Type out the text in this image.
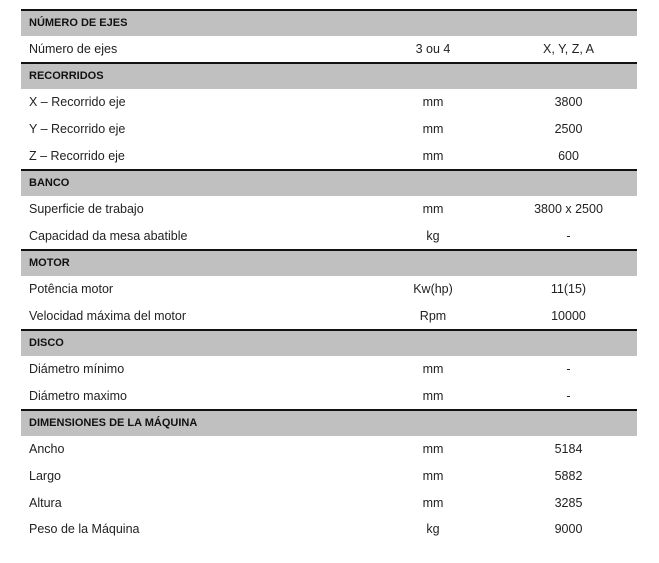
NÚMERO DE EJES
Número de ejes	3 ou 4	X, Y, Z, A
RECORRIDOS
X – Recorrido eje	mm	3800
Y – Recorrido eje	mm	2500
Z – Recorrido eje	mm	600
BANCO
Superficie de trabajo	mm	3800 x 2500
Capacidad da mesa abatible	kg	-
MOTOR
Potência motor	Kw(hp)	11(15)
Velocidad máxima del motor	Rpm	10000
DISCO
Diámetro mínimo	mm	-
Diámetro maximo	mm	-
DIMENSIONES DE LA MÁQUINA
Ancho	mm	5184
Largo	mm	5882
Altura	mm	3285
Peso de la Máquina	kg	9000
